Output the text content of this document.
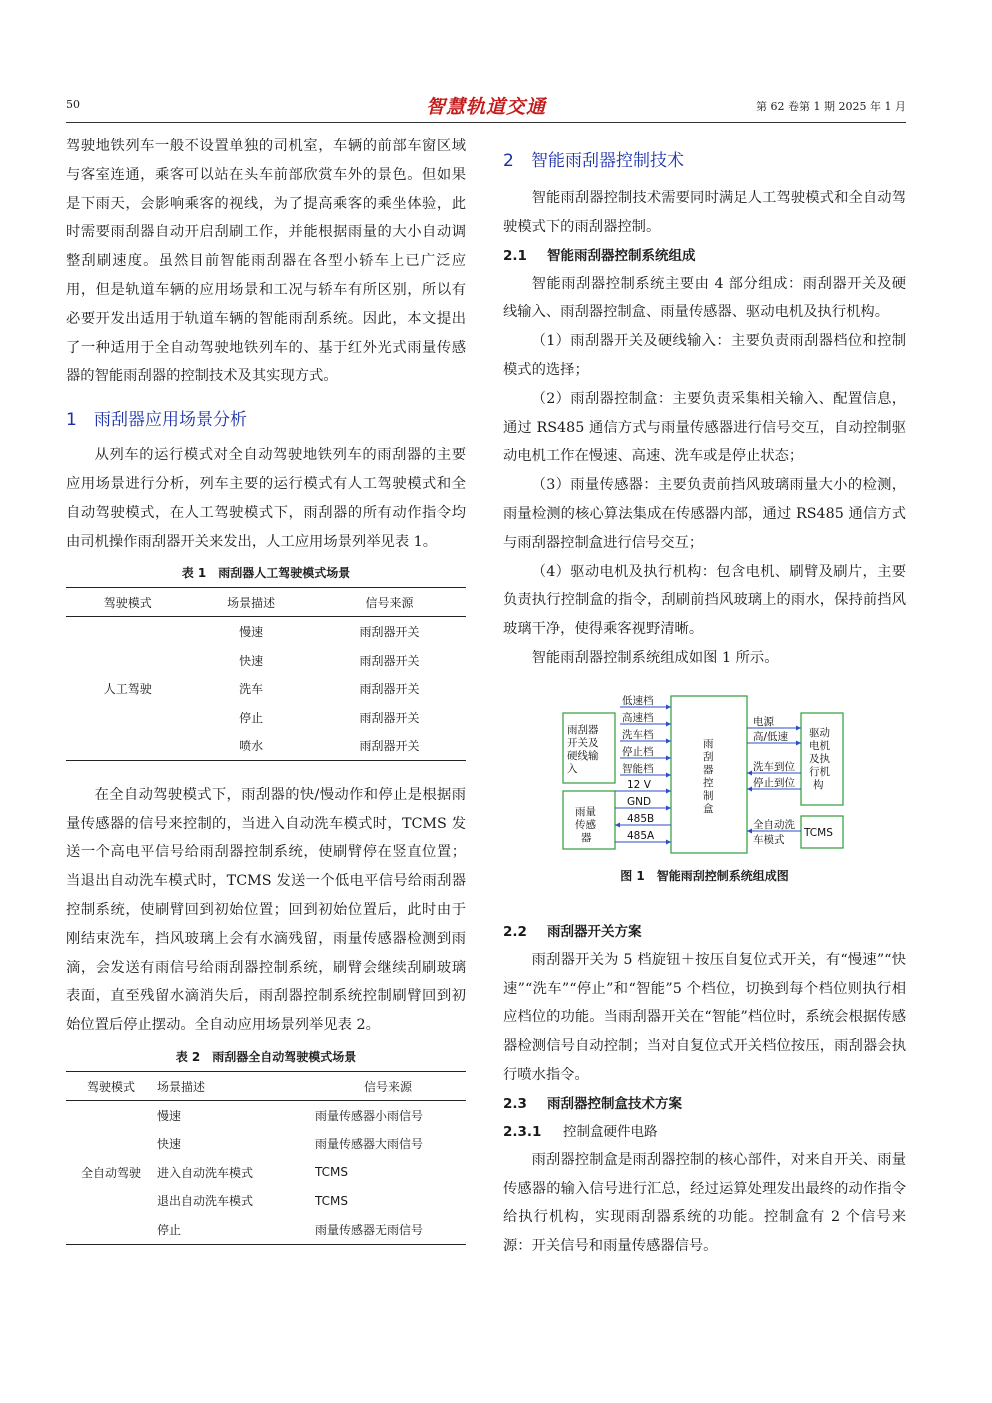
50	智慧轨道交通	第 62 卷第 1 期 2025 年 1 月

驾驶地铁列车一般不设置单独的司机室，车辆的前部车窗区域与客室连通，乘客可以站在头车前部欣赏车外的景色。但如果是下雨天，会影响乘客的视线，为了提高乘客的乘坐体验，此时需要雨刮器自动开启刮刷工作，并能根据雨量的大小自动调整刮刷速度。虽然目前智能雨刮器在各型小轿车上已广泛应用，但是轨道车辆的应用场景和工况与轿车有所区别，所以有必要开发出适用于轨道车辆的智能雨刮系统。因此，本文提出了一种适用于全自动驾驶地铁列车的、基于红外光式雨量传感器的智能雨刮器的控制技术及其实现方式。

1 雨刮器应用场景分析

从列车的运行模式对全自动驾驶地铁列车的雨刮器的主要应用场景进行分析，列车主要的运行模式有人工驾驶模式和全自动驾驶模式，在人工驾驶模式下，雨刮器的所有动作指令均由司机操作雨刮器开关来发出，人工应用场景列举见表 1。

表 1　雨刮器人工驾驶模式场景
驾驶模式	场景描述	信号来源
人工驾驶	慢速	雨刮器开关
	快速	雨刮器开关
	洗车	雨刮器开关
	停止	雨刮器开关
	喷水	雨刮器开关

在全自动驾驶模式下，雨刮器的快/慢动作和停止是根据雨量传感器的信号来控制的，当进入自动洗车模式时，TCMS 发送一个高电平信号给雨刮器控制系统，使刷臂停在竖直位置；当退出自动洗车模式时，TCMS 发送一个低电平信号给雨刮器控制系统，使刷臂回到初始位置；回到初始位置后，此时由于刚结束洗车，挡风玻璃上会有水滴残留，雨量传感器检测到雨滴，会发送有雨信号给雨刮器控制系统，刷臂会继续刮刷玻璃表面，直至残留水滴消失后，雨刮器控制系统控制刷臂回到初始位置后停止摆动。全自动应用场景列举见表 2。

表 2　雨刮器全自动驾驶模式场景
驾驶模式	场景描述	信号来源
全自动驾驶	慢速	雨量传感器小雨信号
	快速	雨量传感器大雨信号
	进入自动洗车模式	TCMS
	退出自动洗车模式	TCMS
	停止	雨量传感器无雨信号
2 智能雨刮器控制技术

智能雨刮器控制技术需要同时满足人工驾驶模式和全自动驾驶模式下的雨刮器控制。

2.1 智能雨刮器控制系统组成

智能雨刮器控制系统主要由 4 部分组成：雨刮器开关及硬线输入、雨刮器控制盒、雨量传感器、驱动电机及执行机构。

（1）雨刮器开关及硬线输入：主要负责雨刮器档位和控制模式的选择；

（2）雨刮器控制盒：主要负责采集相关输入、配置信息，通过 RS485 通信方式与雨量传感器进行信号交互，自动控制驱动电机工作在慢速、高速、洗车或是停止状态；

（3）雨量传感器：主要负责前挡风玻璃雨量大小的检测，雨量检测的核心算法集成在传感器内部，通过 RS485 通信方式与雨刮器控制盒进行信号交互；

（4）驱动电机及执行机构：包含电机、刷臂及刷片，主要负责执行控制盒的指令，刮刷前挡风玻璃上的雨水，保持前挡风玻璃干净，使得乘客视野清晰。

智能雨刮器控制系统组成如图 1 所示。

雨刮器
开关及
硬线输
入
低速档
高速档
洗车档
停止档
智能档
雨
刮
器
控
制
盒
雨量
传感
器
12 V
GND
485B
485A
驱动
电机
及执
行机
构
电源
高/低速
洗车到位
停止到位
TCMS
全自动洗
车模式
图 1　智能雨刮控制系统组成图
2.2 雨刮器开关方案

雨刮器开关为 5 档旋钮＋按压自复位式开关，有“慢速”“快速”“洗车”“停止”和“智能”5 个档位，切换到每个档位则执行相应档位的功能。当雨刮器开关在“智能”档位时，系统会根据传感器检测信号自动控制；当对自复位式开关档位按压，雨刮器会执行喷水指令。

2.3 雨刮器控制盒技术方案
2.3.1 控制盒硬件电路

雨刮器控制盒是雨刮器控制的核心部件，对来自开关、雨量传感器的输入信号进行汇总，经过运算处理发出最终的动作指令给执行机构，实现雨刮器系统的功能。控制盒有 2 个信号来源：开关信号和雨量传感器信号。
